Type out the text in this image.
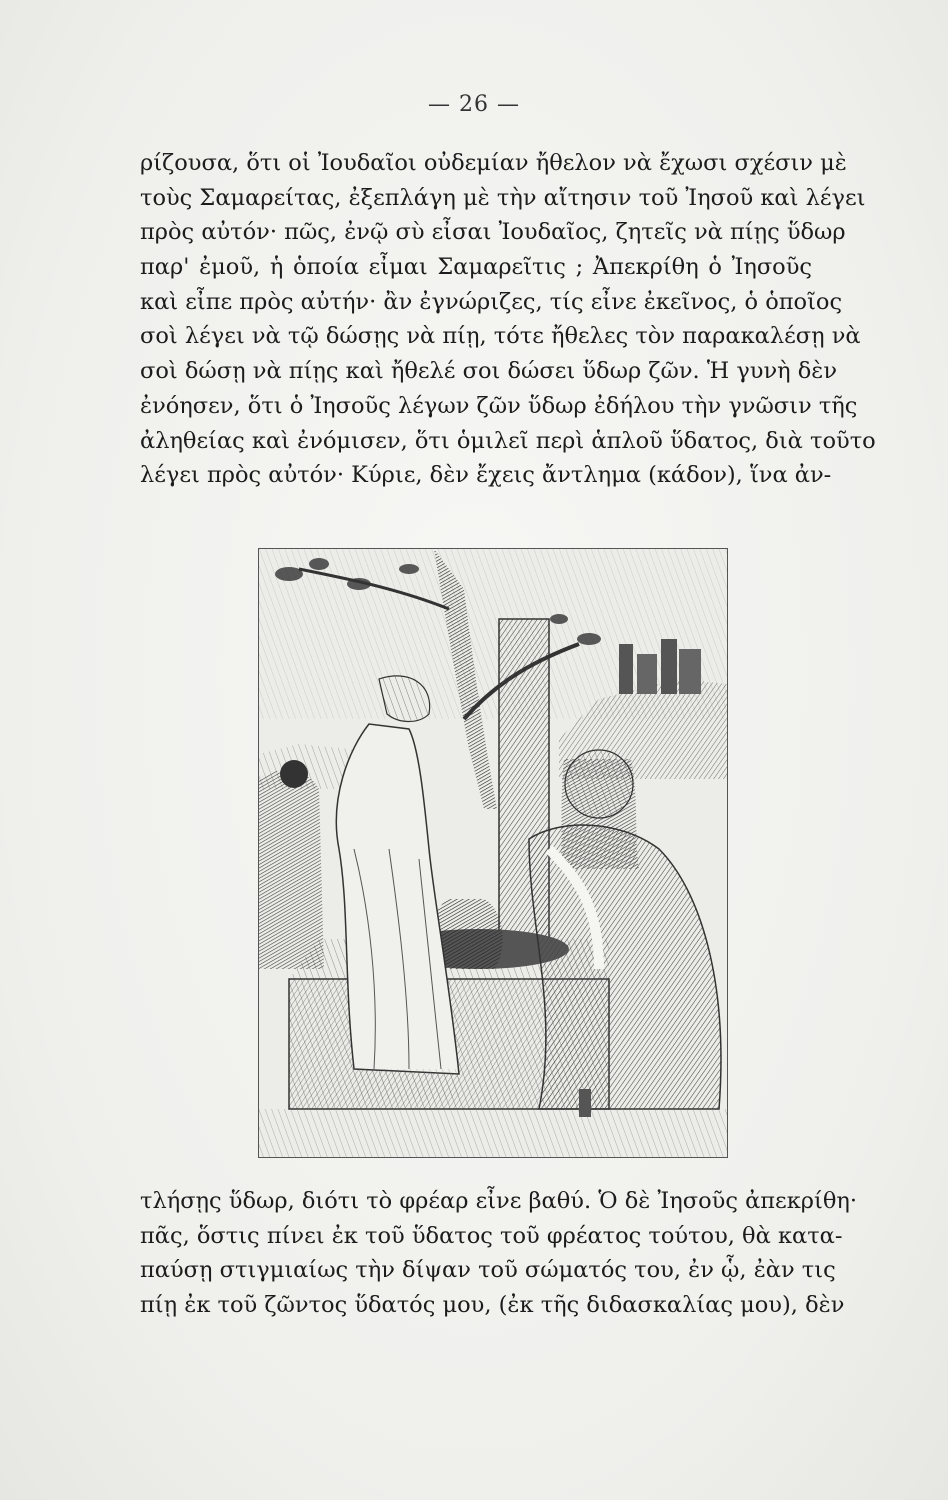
— 26 —
ρίζουσα, ὅτι οἱ Ἰουδαῖοι οὐδεμίαν ἤθελον νὰ ἔχωσι σχέσιν μὲ
τοὺς Σαμαρείτας, ἐξεπλάγη μὲ τὴν αἴτησιν τοῦ Ἰησοῦ καὶ λέγει
πρὸς αὐτόν· πῶς, ἐνῷ σὺ εἶσαι Ἰουδαῖος, ζητεῖς νὰ πίῃς ὕδωρ
παρ' ἐμοῦ, ἡ ὁποία εἶμαι Σαμαρεῖτις ; Ἀπεκρίθη ὁ Ἰησοῦς
καὶ εἶπε πρὸς αὐτήν· ἂν ἐγνώριζες, τίς εἶνε ἐκεῖνος, ὁ ὁποῖος
σοὶ λέγει νὰ τῷ δώσῃς νὰ πίῃ, τότε ἤθελες τὸν παρακαλέσῃ νὰ
σοὶ δώσῃ νὰ πίῃς καὶ ἤθελέ σοι δώσει ὕδωρ ζῶν. Ἡ γυνὴ δὲν
ἐνόησεν, ὅτι ὁ Ἰησοῦς λέγων ζῶν ὕδωρ ἐδήλου τὴν γνῶσιν τῆς
ἀληθείας καὶ ἐνόμισεν, ὅτι ὁμιλεῖ περὶ ἁπλοῦ ὕδατος, διὰ τοῦτο
λέγει πρὸς αὐτόν· Κύριε, δὲν ἔχεις ἄντλημα (κάδον), ἵνα ἀν-
τλήσῃς ὕδωρ, διότι τὸ φρέαρ εἶνε βαθύ. Ὁ δὲ Ἰησοῦς ἀπεκρίθη·
πᾶς, ὅστις πίνει ἐκ τοῦ ὕδατος τοῦ φρέατος τούτου, θὰ κατα-
παύσῃ στιγμιαίως τὴν δίψαν τοῦ σώματός του, ἐν ᾧ, ἐὰν τις
πίῃ ἐκ τοῦ ζῶντος ὕδατός μου, (ἐκ τῆς διδασκαλίας μου), δὲν
